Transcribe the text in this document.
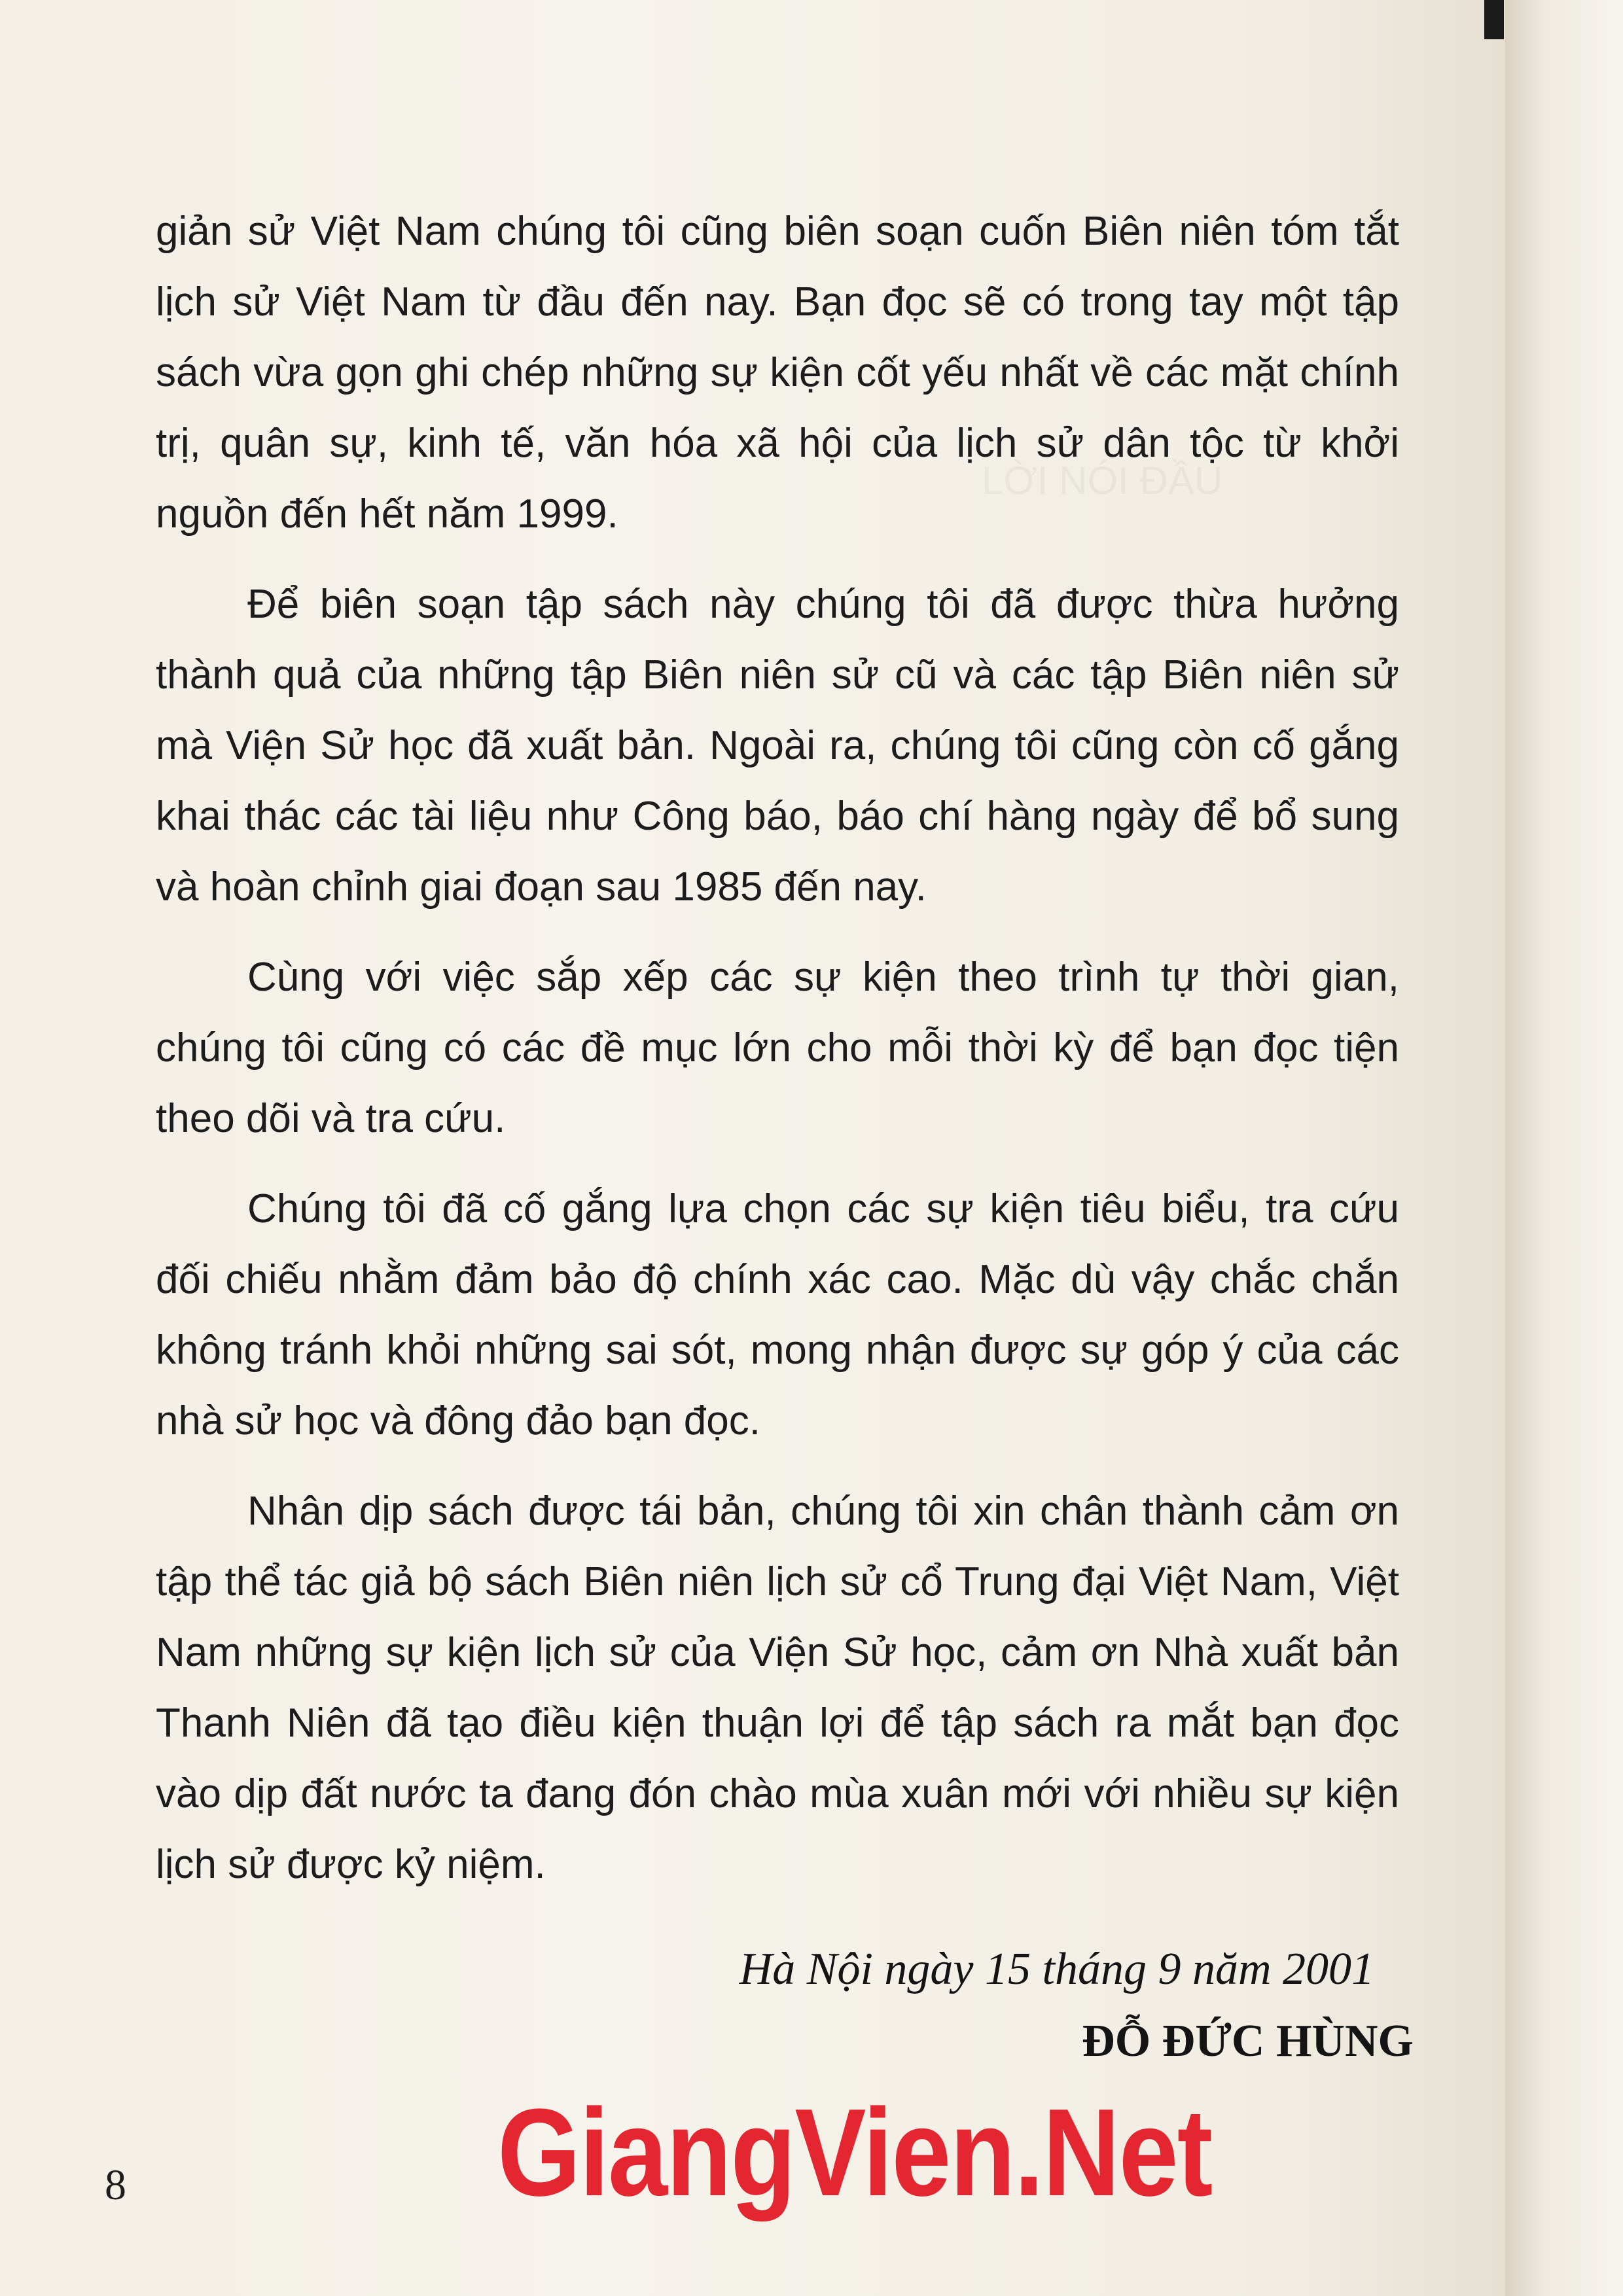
LỜI NÓI ĐẦU

giản sử Việt Nam chúng tôi cũng biên soạn cuốn Biên niên tóm tắt lịch sử Việt Nam từ đầu đến nay. Bạn đọc sẽ có trong tay một tập sách vừa gọn ghi chép những sự kiện cốt yếu nhất về các mặt chính trị, quân sự, kinh tế, văn hóa xã hội của lịch sử dân tộc từ khởi nguồn đến hết năm 1999.

Để biên soạn tập sách này chúng tôi đã được thừa hưởng thành quả của những tập Biên niên sử cũ và các tập Biên niên sử mà Viện Sử học đã xuất bản. Ngoài ra, chúng tôi cũng còn cố gắng khai thác các tài liệu như Công báo, báo chí hàng ngày để bổ sung và hoàn chỉnh giai đoạn sau 1985 đến nay.

Cùng với việc sắp xếp các sự kiện theo trình tự thời gian, chúng tôi cũng có các đề mục lớn cho mỗi thời kỳ để bạn đọc tiện theo dõi và tra cứu.

Chúng tôi đã cố gắng lựa chọn các sự kiện tiêu biểu, tra cứu đối chiếu nhằm đảm bảo độ chính xác cao. Mặc dù vậy chắc chắn không tránh khỏi những sai sót, mong nhận được sự góp ý của các nhà sử học và đông đảo bạn đọc.

Nhân dịp sách được tái bản, chúng tôi xin chân thành cảm ơn tập thể tác giả bộ sách Biên niên lịch sử cổ Trung đại Việt Nam, Việt Nam những sự kiện lịch sử của Viện Sử học, cảm ơn Nhà xuất bản Thanh Niên đã tạo điều kiện thuận lợi để tập sách ra mắt bạn đọc vào dịp đất nước ta đang đón chào mùa xuân mới với nhiều sự kiện lịch sử được kỷ niệm.

Hà Nội ngày 15 tháng 9 năm 2001
ĐỖ ĐỨC HÙNG
GiangVien.Net
8
